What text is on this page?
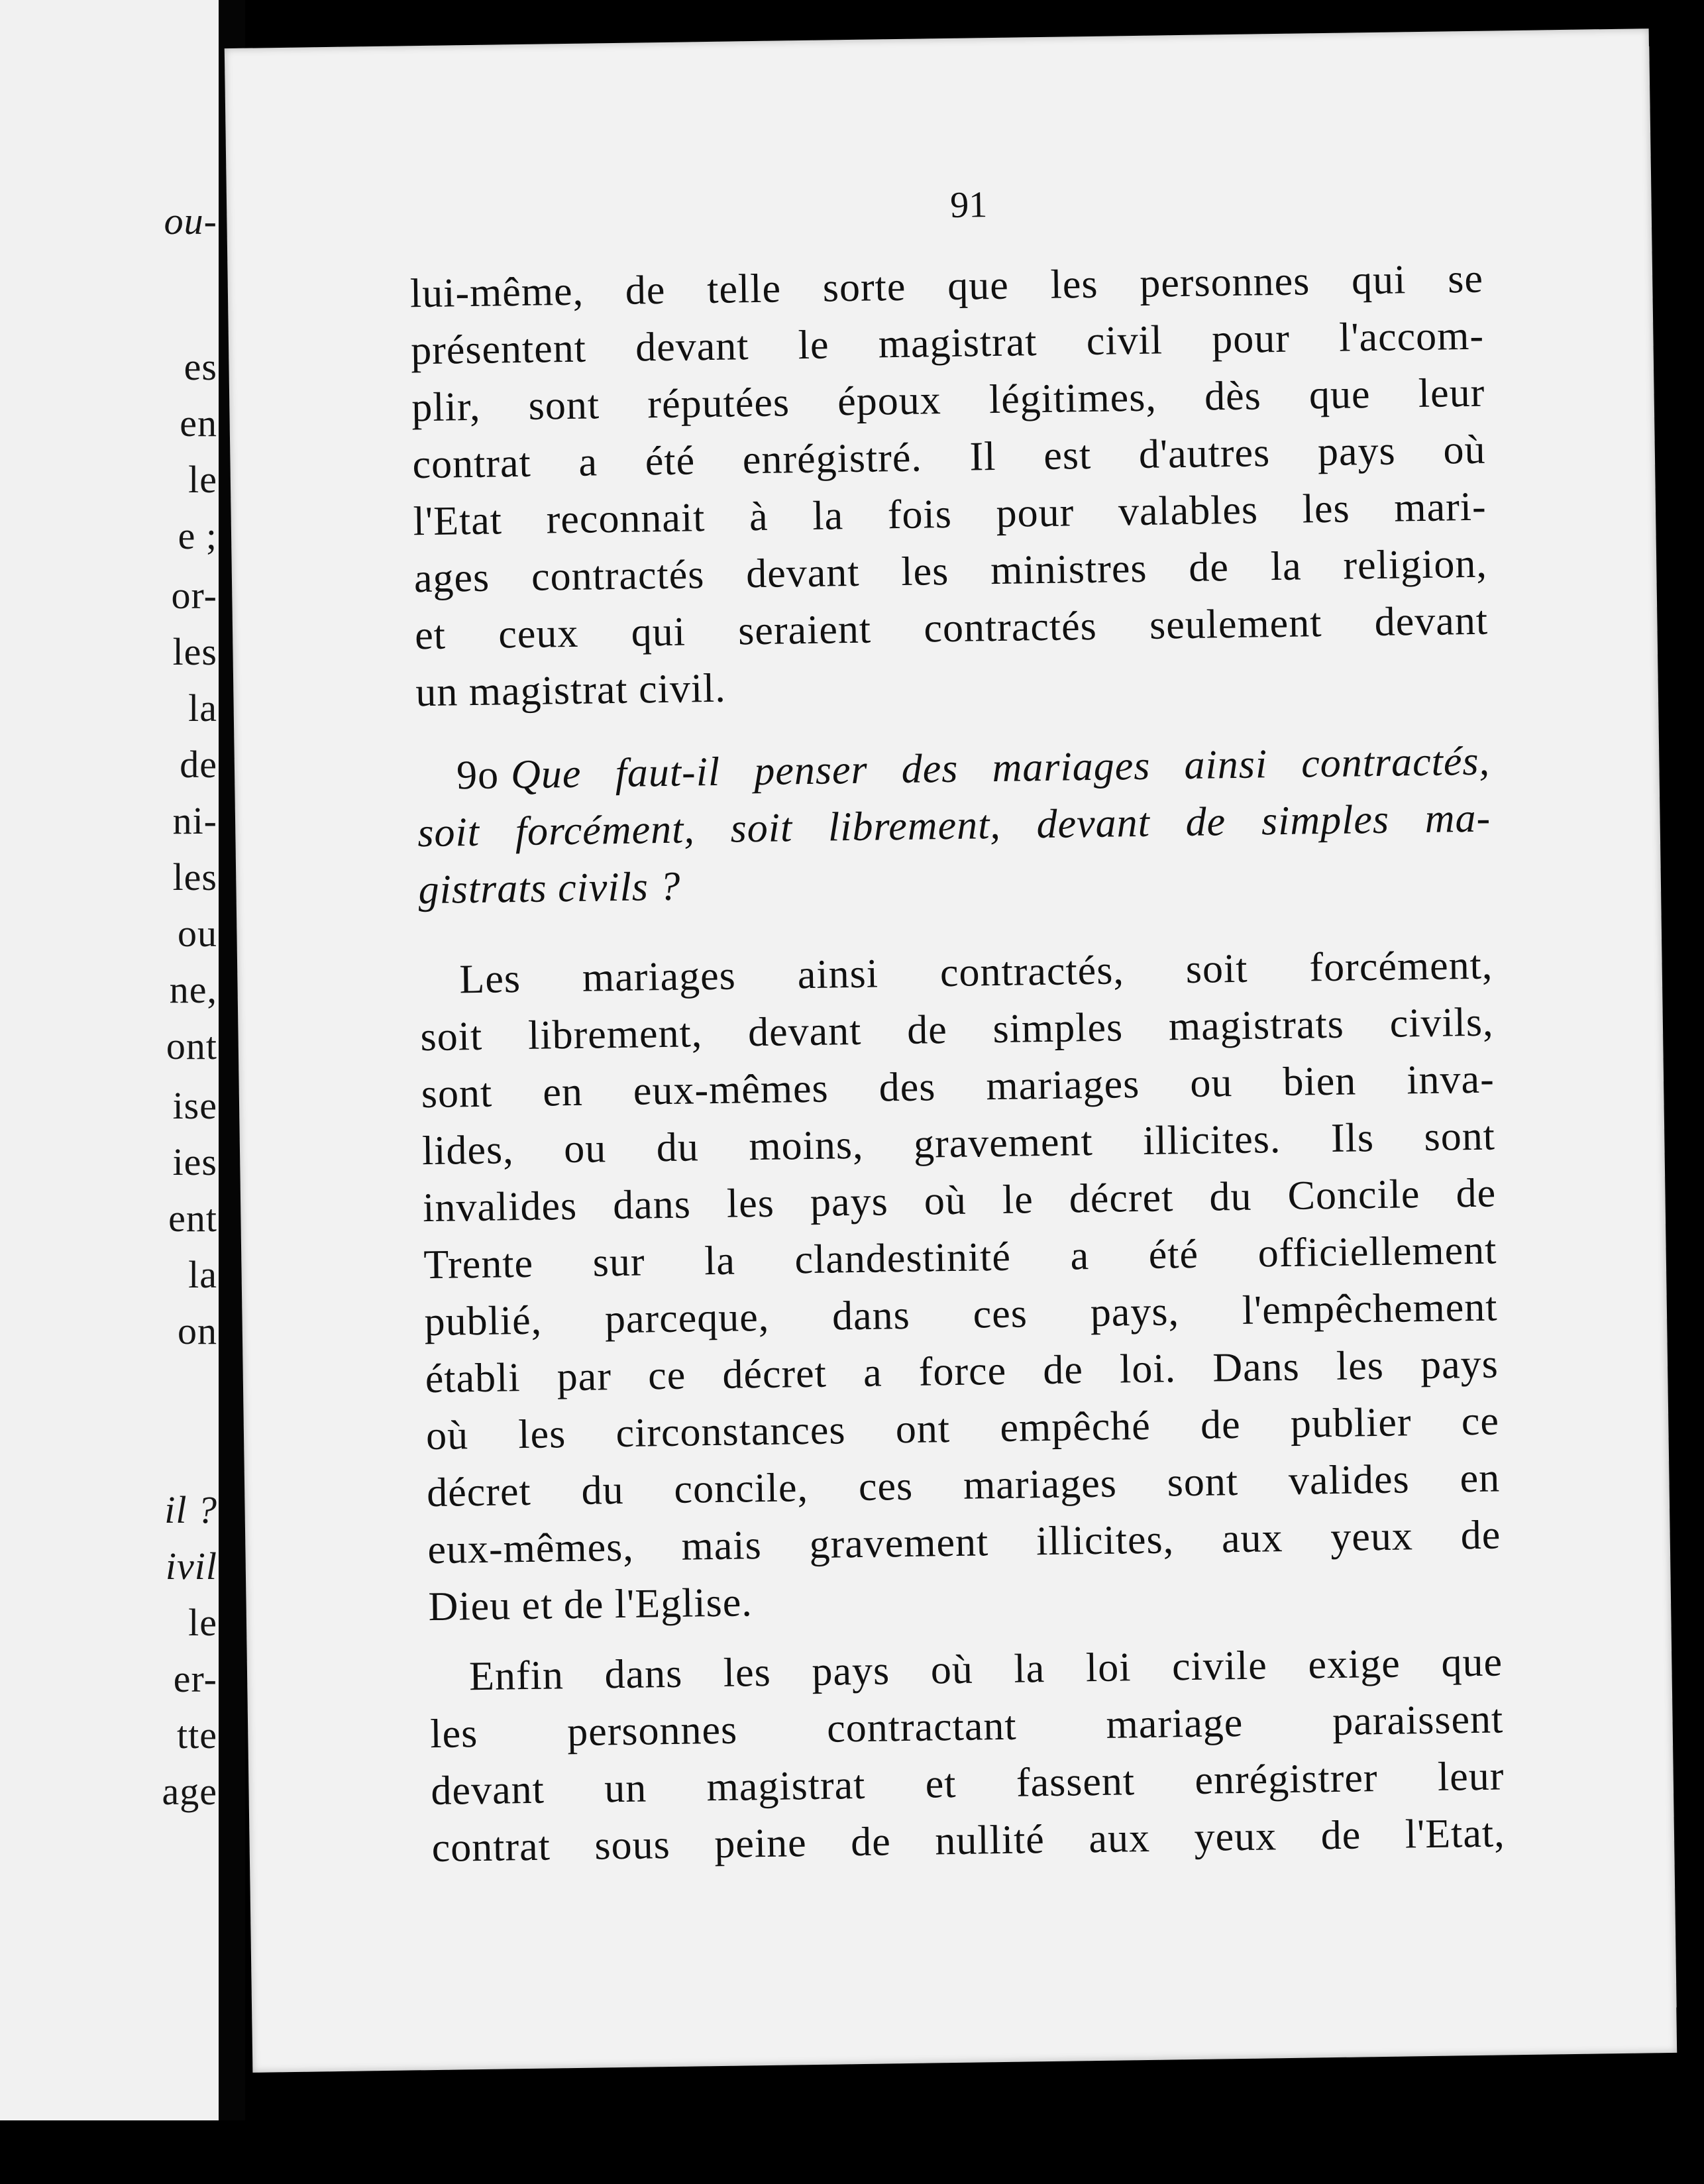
ou-
es
en
le
e ;
or-
les
la
de
ni-
les
ou
ne,
ont
ise
ies
ent
la
on
il ?
ivil
le
er-
tte
age
91
lui-même, de telle sorte que les personnes qui se
présentent devant le magistrat civil pour l'accom-
plir, sont réputées époux légitimes, dès que leur
contrat a été enrégistré. Il est d'autres pays où
l'Etat reconnait à la fois pour valables les mari-
ages contractés devant les ministres de la religion,
et ceux qui seraient contractés seulement devant
un magistrat civil.
9o Que faut-il penser des mariages ainsi contractés,
soit forcément, soit librement, devant de simples ma-
gistrats civils ?
Les mariages ainsi contractés, soit forcément,
soit librement, devant de simples magistrats civils,
sont en eux-mêmes des mariages ou bien inva-
lides, ou du moins, gravement illicites. Ils sont
invalides dans les pays où le décret du Concile de
Trente sur la clandestinité a été officiellement
publié, parceque, dans ces pays, l'empêchement
établi par ce décret a force de loi. Dans les pays
où les circonstances ont empêché de publier ce
décret du concile, ces mariages sont valides en
eux-mêmes, mais gravement illicites, aux yeux de
Dieu et de l'Eglise.
Enfin dans les pays où la loi civile exige que
les personnes contractant mariage paraissent
devant un magistrat et fassent enrégistrer leur
contrat sous peine de nullité aux yeux de l'Etat,
